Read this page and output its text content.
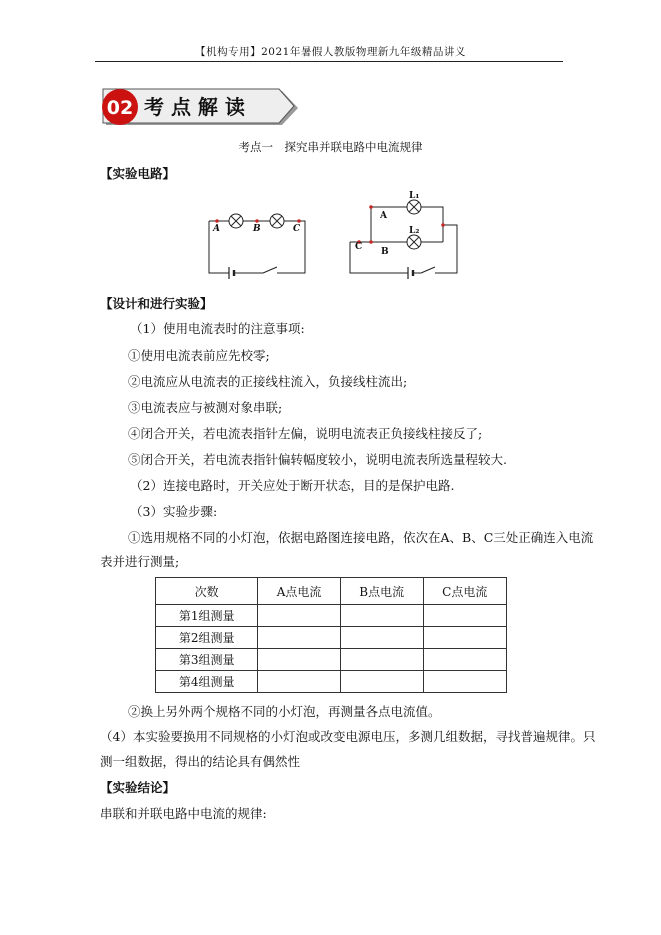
【机构专用】2021年暑假人教版物理新九年级精品讲义
02 考 点 解 读
考点一　探究串并联电路中电流规律
【实验电路】
A	B	C
A
B
C
L₁
L₂
【设计和进行实验】
（1）使用电流表时的注意事项:
①使用电流表前应先校零;
②电流应从电流表的正接线柱流入，负接线柱流出;
③电流表应与被测对象串联;
④闭合开关，若电流表指针左偏，说明电流表正负接线柱接反了;
⑤闭合开关，若电流表指针偏转幅度较小，说明电流表所选量程较大.
（2）连接电路时，开关应处于断开状态，目的是保护电路.
（3）实验步骤:
①选用规格不同的小灯泡，依据电路图连接电路，依次在A、B、C三处正确连入电流
表并进行测量;
次数	A点电流	B点电流	C点电流
第1组测量			
第2组测量			
第3组测量			
第4组测量			
②换上另外两个规格不同的小灯泡，再测量各点电流值。
（4）本实验要换用不同规格的小灯泡或改变电源电压，多测几组数据，寻找普遍规律。只
测一组数据，得出的结论具有偶然性
【实验结论】
串联和并联电路中电流的规律:
